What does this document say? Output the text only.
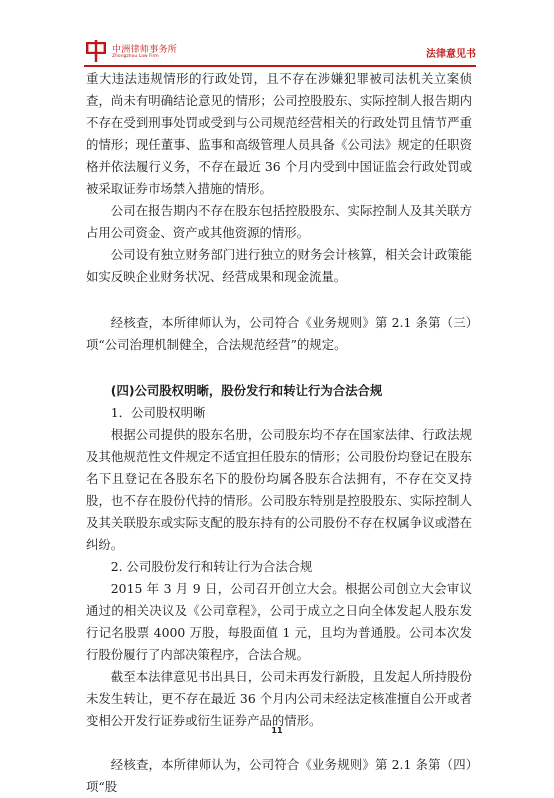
中洲律师事务所
Zhongzhou Law Firm	法律意见书

重大违法违规情形的行政处罚，且不存在涉嫌犯罪被司法机关立案侦查，尚未有明确结论意见的情形；公司控股股东、实际控制人报告期内不存在受到刑事处罚或受到与公司规范经营相关的行政处罚且情节严重的情形；现任董事、监事和高级管理人员具备《公司法》规定的任职资格并依法履行义务，不存在最近 36 个月内受到中国证监会行政处罚或被采取证券市场禁入措施的情形。

公司在报告期内不存在股东包括控股股东、实际控制人及其关联方占用公司资金、资产或其他资源的情形。

公司设有独立财务部门进行独立的财务会计核算，相关会计政策能如实反映企业财务状况、经营成果和现金流量。

经核查，本所律师认为，公司符合《业务规则》第 2.1 条第（三）项“公司治理机制健全，合法规范经营”的规定。

(四)公司股权明晰，股份发行和转让行为合法合规

1．公司股权明晰

根据公司提供的股东名册，公司股东均不存在国家法律、行政法规及其他规范性文件规定不适宜担任股东的情形；公司股份均登记在股东名下且登记在各股东名下的股份均属各股东合法拥有，不存在交叉持股，也不存在股份代持的情形。公司股东特别是控股股东、实际控制人及其关联股东或实际支配的股东持有的公司股份不存在权属争议或潜在纠纷。

2. 公司股份发行和转让行为合法合规

2015 年 3 月 9 日，公司召开创立大会。根据公司创立大会审议通过的相关决议及《公司章程》，公司于成立之日向全体发起人股东发行记名股票 4000 万股，每股面值 1 元，且均为普通股。公司本次发行股份履行了内部决策程序，合法合规。

截至本法律意见书出具日，公司未再发行新股，且发起人所持股份未发生转让，更不存在最近 36 个月内公司未经法定核准擅自公开或者变相公开发行证券或衍生证券产品的情形。

经核查，本所律师认为，公司符合《业务规则》第 2.1 条第（四）项“股

11
